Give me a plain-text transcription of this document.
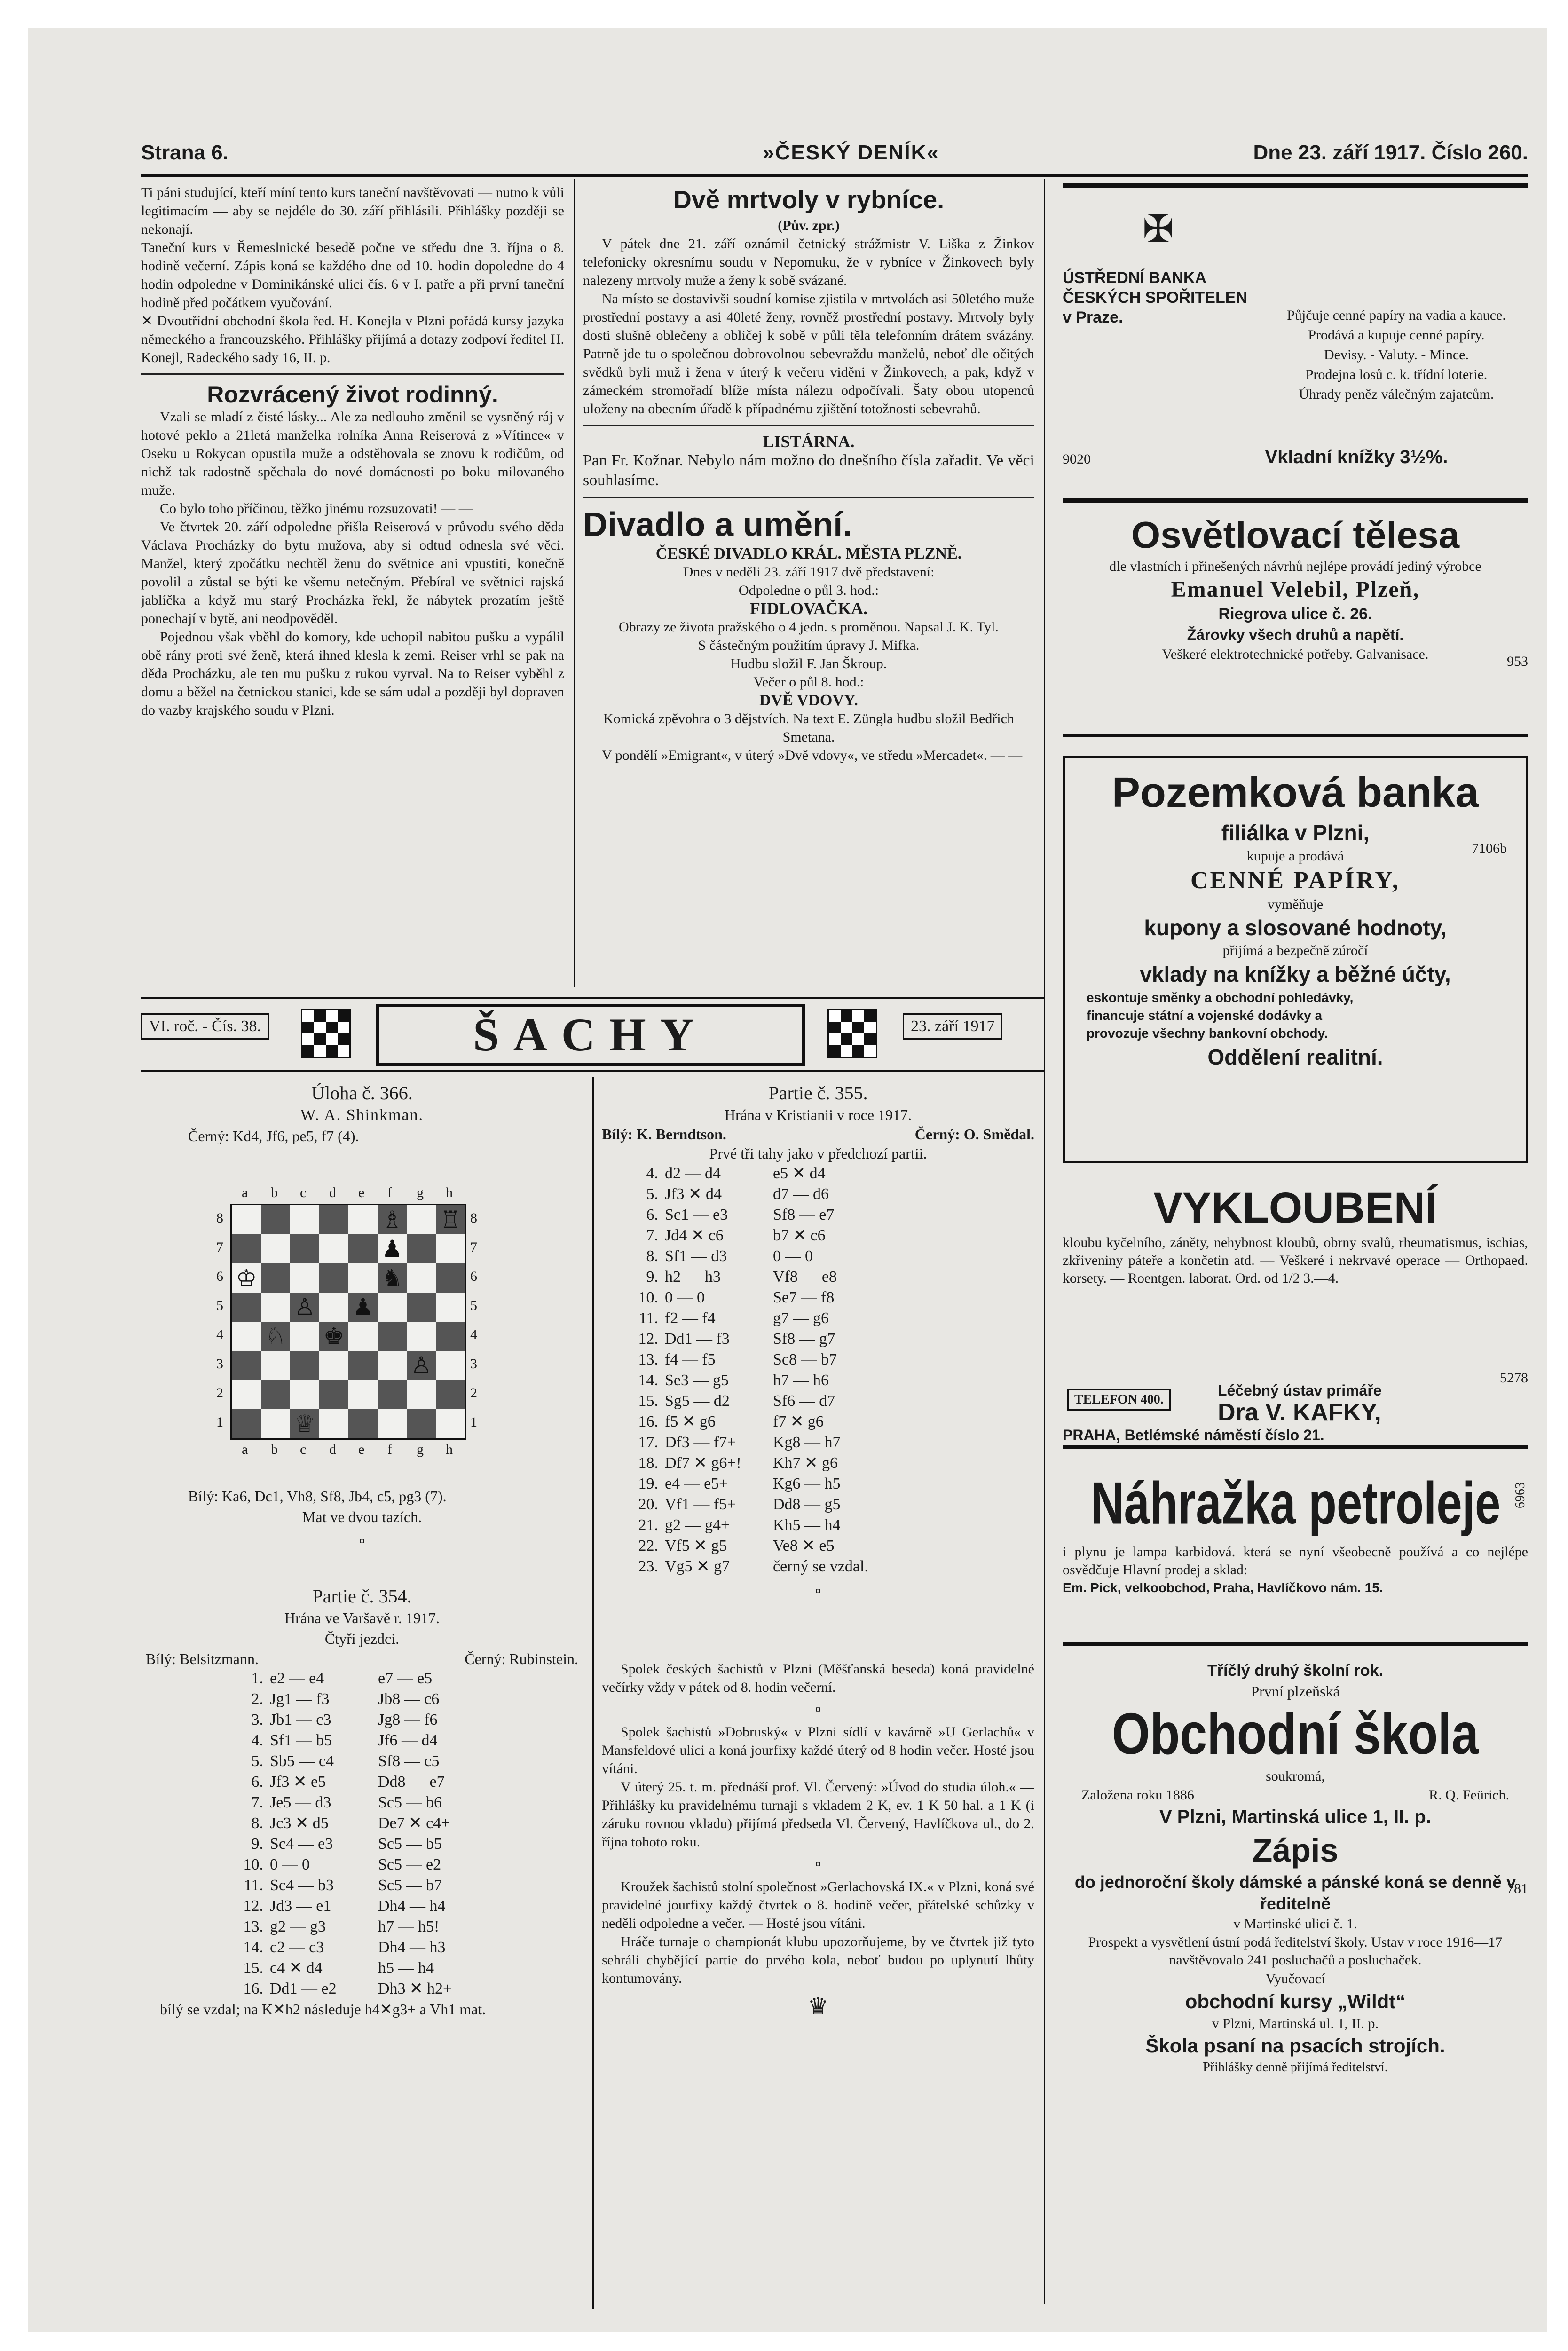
Strana 6.	»ČESKÝ DENÍK«	Dne 23. září 1917. Číslo 260.

Ti páni studující, kteří míní tento kurs taneční navštěvovati — nutno k vůli legitimacím — aby se nejdéle do 30. září přihlásili. Přihlášky později se nekonají.

Taneční kurs v Řemeslnické besedě počne ve středu dne 3. října o 8. hodině večerní. Zápis koná se každého dne od 10. hodin dopoledne do 4 hodin odpoledne v Dominikánské ulici čís. 6 v I. patře a při první taneční hodině před počátkem vyučování.

✕ Dvoutřídní obchodní škola řed. H. Konejla v Plzni pořádá kursy jazyka německého a francouzského. Přihlášky přijímá a dotazy zodpoví ředitel H. Konejl, Radeckého sady 16, II. p.

Rozvrácený život rodinný.

Vzali se mladí z čisté lásky... Ale za nedlouho změnil se vysněný ráj v hotové peklo a 21letá manželka rolníka Anna Reiserová z »Vítince« v Oseku u Rokycan opustila muže a odstěhovala se znovu k rodičům, od nichž tak radostně spěchala do nové domácnosti po boku milovaného muže.

Co bylo toho příčinou, těžko jinému rozsuzovati! — —

Ve čtvrtek 20. září odpoledne přišla Reiserová v průvodu svého děda Václava Procházky do bytu mužova, aby si odtud odnesla své věci. Manžel, který zpočátku nechtěl ženu do světnice ani vpustiti, konečně povolil a zůstal se býti ke všemu netečným. Přebíral ve světnici rajská jablíčka a když mu starý Procházka řekl, že nábytek prozatím ještě ponechají v bytě, ani neodpověděl.

Pojednou však vběhl do komory, kde uchopil nabitou pušku a vypálil obě rány proti své ženě, která ihned klesla k zemi. Reiser vrhl se pak na děda Procházku, ale ten mu pušku z rukou vyrval. Na to Reiser vyběhl z domu a běžel na četnickou stanici, kde se sám udal a později byl dopraven do vazby krajského soudu v Plzni.

Dvě mrtvoly v rybníce.

(Pův. zpr.)

V pátek dne 21. září oznámil četnický strážmistr V. Liška z Žinkov telefonicky okresnímu soudu v Nepomuku, že v rybníce v Žinkovech byly nalezeny mrtvoly muže a ženy k sobě svázané.

Na místo se dostavivši soudní komise zjistila v mrtvolách asi 50letého muže prostřední postavy a asi 40leté ženy, rovněž prostřední postavy. Mrtvoly byly dosti slušně oblečeny a obličej k sobě v půli těla telefonním drátem svázány. Patrně jde tu o společnou dobrovolnou sebevraždu manželů, neboť dle očitých svědků byli muž i žena v úterý k večeru viděni v Žinkovech, a pak, když v zámeckém stromořadí blíže místa nálezu odpočívali. Šaty obou utopenců uloženy na obecním úřadě k případnému zjištění totožnosti sebevrahů.

LISTÁRNA.

Pan Fr. Kožnar. Nebylo nám možno do dnešního čísla zařadit. Ve věci souhlasíme.

Divadlo a umění.

ČESKÉ DIVADLO KRÁL. MĚSTA PLZNĚ.

Dnes v neděli 23. září 1917 dvě představení:

Odpoledne o půl 3. hod.:

FIDLOVAČKA.

Obrazy ze života pražského o 4 jedn. s proměnou. Napsal J. K. Tyl.

S částečným použitím úpravy J. Mifka.

Hudbu složil F. Jan Škroup.

Večer o půl 8. hod.:

DVĚ VDOVY.

Komická zpěvohra o 3 dějstvích. Na text E. Züngla hudbu složil Bedřich Smetana.

V pondělí »Emigrant«, v úterý »Dvě vdovy«, ve středu »Mercadet«. — —

✠
ÚSTŘEDNÍ BANKA ČESKÝCH SPOŘITELEN v Praze.	Půjčuje cenné papíry na vadia a kauce.

Prodává a kupuje cenné papíry.

Devisy. - Valuty. - Mince.

Prodejna losů c. k. třídní loterie.

Úhrady peněz válečným zajatcům.

9020	Vkladní knížky 3½%.
Osvětlovací tělesa

dle vlastních i přinešených návrhů nejlépe provádí jediný výrobce

Emanuel Velebil, Plzeň,

Riegrova ulice č. 26.

953

Žárovky všech druhů a napětí.

Veškeré elektrotechnické potřeby. Galvanisace.

Pozemková banka

filiálka v Plzni,

kupuje a prodává	7106b

CENNÉ PAPÍRY,

vyměňuje

kupony a slosované hodnoty,

přijímá a bezpečně zúročí

vklady na knížky a běžné účty,

eskontuje směnky a obchodní pohledávky,

financuje státní a vojenské dodávky a

provozuje všechny bankovní obchody.

Oddělení realitní.

VYKLOUBENÍ

kloubu kyčelního, záněty, nehybnost kloubů, obrny svalů, rheumatismus, ischias, zkřiveniny páteře a končetin atd. — Veškeré i nekrvavé operace — Orthopaed. korsety. — Roentgen. laborat. Ord. od 1/2 3.—4.

5278
TELEFON 400.
Léčebný ústav primáře
Dra V. KAFKY,
PRAHA, Betlémské náměstí číslo 21.
Náhražka petroleje 6963

i plynu je lampa karbidová. která se nyní všeobecně používá a co nejlépe osvědčuje Hlavní prodej a sklad:

Em. Pick, velkoobchod, Praha, Havlíčkovo nám. 15.

Tříčlý druhý školní rok.

První plzeňská

Obchodní škola

soukromá,

Založena roku 1886	R. Q. Feürich.

V Plzni, Martinská ulice 1, II. p.

Zápis
781

do jednoroční školy dámské a pánské koná se denně v ředitelně

v Martinské ulici č. 1.

Prospekt a vysvětlení ústní podá ředitelství školy. Ustav v roce 1916—17 navštěvovalo 241 posluchačů a posluchaček.

Vyučovací

obchodní kursy „Wildt“

v Plzni, Martinská ul. 1, II. p.

Škola psaní na psacích strojích.

Přihlášky denně přijímá ředitelství.

VI. roč. - Čís. 38.	ŠACHY	23. září 1917

Úloha č. 366.

W. A. Shinkman.

Černý: Kd4, Jf6, pe5, f7 (4).

♖
♗
♟
♔	♞
♙ ♟
♘ ♚
♙
♕
a b c d e f g h
a b c d e f g h
8
7
6
5
4
3
2
1
8
7
6
5
4
3
2
1

Bílý: Ka6, Dc1, Vh8, Sf8, Jb4, c5, pg3 (7).

Mat ve dvou tazích.

▫

Partie č. 354.

Hrána ve Varšavě r. 1917.

Čtyři jezdci.

Bílý: Belsitzmann.	Černý: Rubinstein.
1. e2 — e4	e7 — e5
2. Jg1 — f3	Jb8 — c6
3. Jb1 — c3	Jg8 — f6
4. Sf1 — b5	Jf6 — d4
5. Sb5 — c4	Sf8 — c5
6. Jf3 ✕ e5	Dd8 — e7
7. Je5 — d3	Sc5 — b6
8. Jc3 ✕ d5	De7 ✕ c4+
9. Sc4 — e3	Sc5 — b5
10. 0 — 0	Sc5 — e2
11. Sc4 — b3	Sc5 — b7
12. Jd3 — e1	Dh4 — h4
13. g2 — g3	h7 — h5!
14. c2 — c3	Dh4 — h3
15. c4 ✕ d4	h5 — h4
16. Dd1 — e2	Dh3 ✕ h2+

bílý se vzdal; na K✕h2 následuje h4✕g3+ a Vh1 mat.

Partie č. 355.

Hrána v Kristianii v roce 1917.

Bílý: K. Berndtson.	Černý: O. Smědal.

Prvé tři tahy jako v předchozí partii.

4. d2 — d4	e5 ✕ d4
5. Jf3 ✕ d4	d7 — d6
6. Sc1 — e3	Sf8 — e7
7. Jd4 ✕ c6	b7 ✕ c6
8. Sf1 — d3	0 — 0
9. h2 — h3	Vf8 — e8
10. 0 — 0	Se7 — f8
11. f2 — f4	g7 — g6
12. Dd1 — f3	Sf8 — g7
13. f4 — f5	Sc8 — b7
14. Se3 — g5	h7 — h6
15. Sg5 — d2	Sf6 — d7
16. f5 ✕ g6	f7 ✕ g6
17. Df3 — f7+	Kg8 — h7
18. Df7 ✕ g6+!	Kh7 ✕ g6
19. e4 — e5+	Kg6 — h5
20. Vf1 — f5+	Dd8 — g5
21. g2 — g4+	Kh5 — h4
22. Vf5 ✕ g5	Ve8 ✕ e5
23. Vg5 ✕ g7	černý se vzdal.

▫

Spolek českých šachistů v Plzni (Měšťanská beseda) koná pravidelné večírky vždy v pátek od 8. hodin večerní.

▫

Spolek šachistů »Dobruský« v Plzni sídlí v kavárně »U Gerlachů« v Mansfeldové ulici a koná jourfixy každé úterý od 8 hodin večer. Hosté jsou vítáni.

V úterý 25. t. m. přednáší prof. Vl. Červený: »Úvod do studia úloh.« — Přihlášky ku pravidelnému turnaji s vkladem 2 K, ev. 1 K 50 hal. a 1 K (i záruku rovnou vkladu) přijímá předseda Vl. Červený, Havlíčkova ul., do 2. října tohoto roku.

▫

Kroužek šachistů stolní společnost »Gerlachovská IX.« v Plzni, koná své pravidelné jourfixy každý čtvrtek o 8. hodině večer, přátelské schůzky v neděli odpoledne a večer. — Hosté jsou vítáni.

Hráče turnaje o championát klubu upozorňujeme, by ve čtvrtek již tyto sehráli chybějící partie do prvého kola, neboť budou po uplynutí lhůty kontumovány.

♛
